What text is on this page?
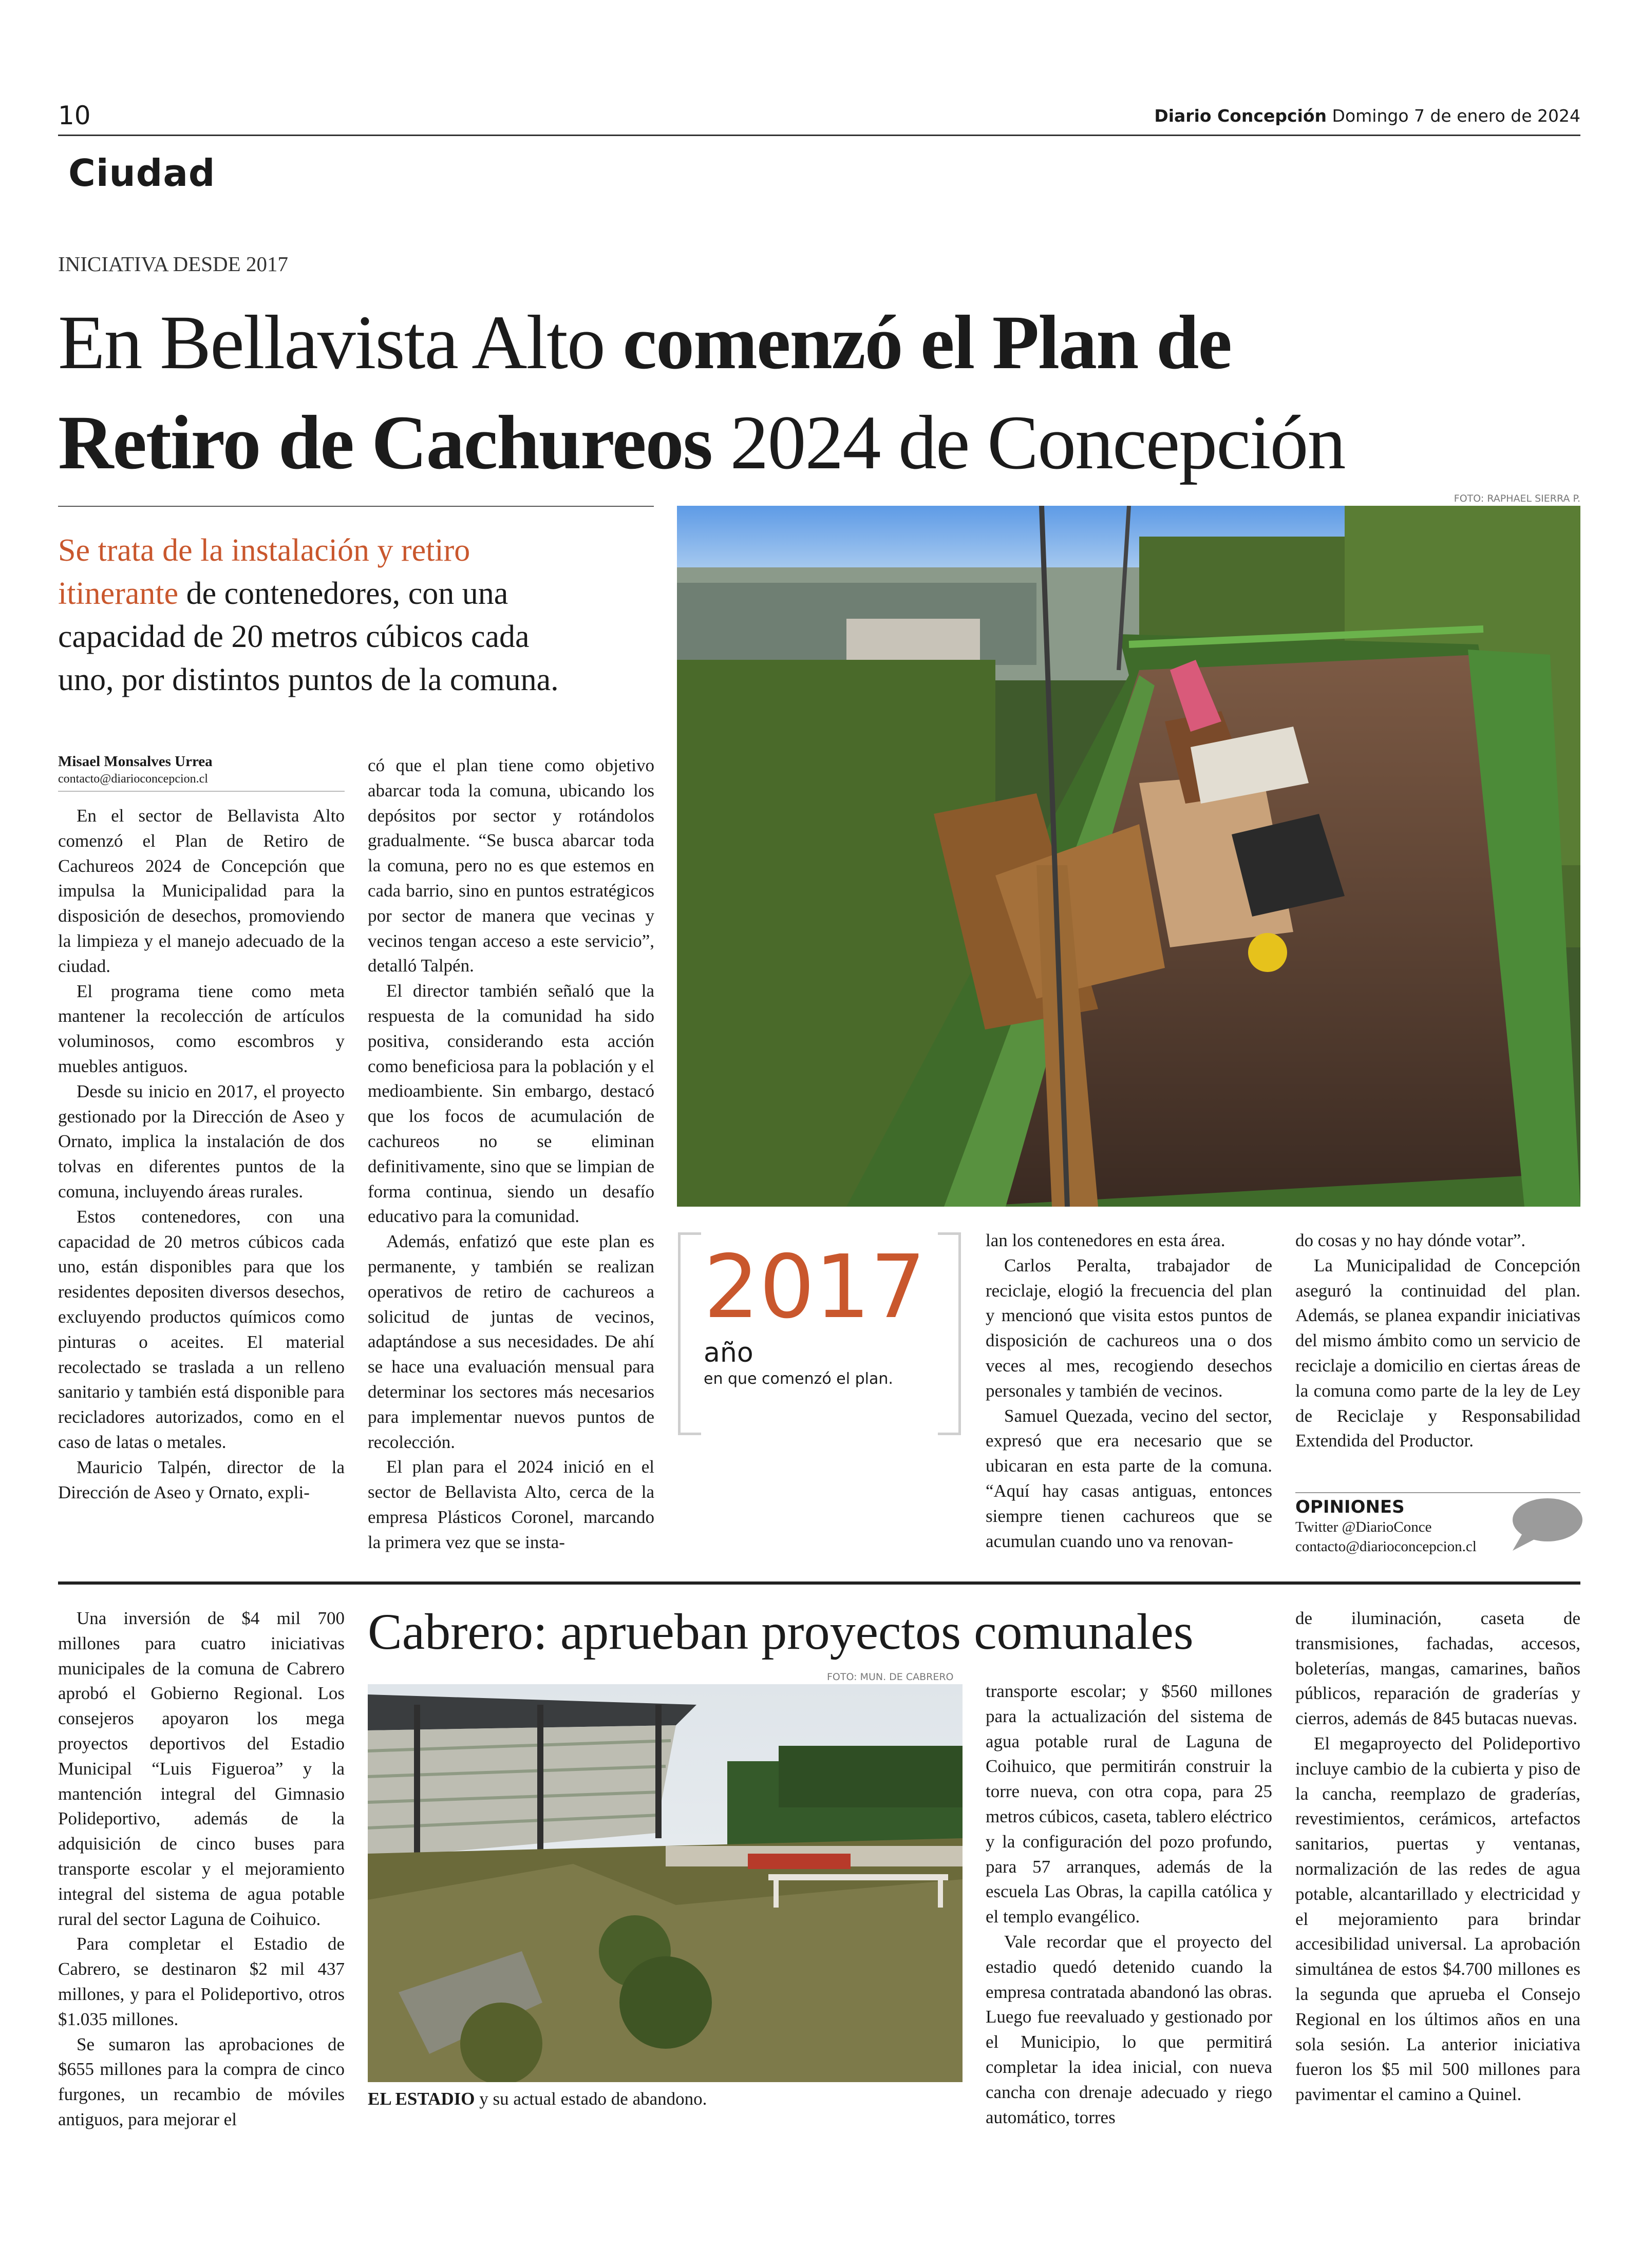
10	Diario Concepción Domingo 7 de enero de 2024
Ciudad
INICIATIVA DESDE 2017
En Bellavista Alto comenzó el Plan de
Retiro de Cachureos 2024 de Concepción
Se trata de la instalación y retiro
itinerante de contenedores, con una
capacidad de 20 metros cúbicos cada
uno, por distintos puntos de la comuna.
FOTO: RAPHAEL SIERRA P.
Misael Monsalves Urrea
contacto@diarioconcepcion.cl

En el sector de Bellavista Alto comenzó el Plan de Retiro de Cachureos 2024 de Concepción que impulsa la Municipalidad para la disposición de desechos, promoviendo la limpieza y el manejo adecuado de la ciudad.

El programa tiene como meta mantener la recolección de artículos voluminosos, como escombros y muebles antiguos.

Desde su inicio en 2017, el proyecto gestionado por la Dirección de Aseo y Ornato, implica la instalación de dos tolvas en diferentes puntos de la comuna, incluyendo áreas rurales.

Estos contenedores, con una capacidad de 20 metros cúbicos cada uno, están disponibles para que los residentes depositen diversos desechos, excluyendo productos químicos como pinturas o aceites. El material recolectado se traslada a un relleno sanitario y también está disponible para recicladores autorizados, como en el caso de latas o metales.

Mauricio Talpén, director de la Dirección de Aseo y Ornato, expli-

có que el plan tiene como objetivo abarcar toda la comuna, ubicando los depósitos por sector y rotándolos gradualmente. “Se busca abarcar toda la comuna, pero no es que estemos en cada barrio, sino en puntos estratégicos por sector de manera que vecinas y vecinos tengan acceso a este servicio”, detalló Talpén.

El director también señaló que la respuesta de la comunidad ha sido positiva, considerando esta acción como beneficiosa para la población y el medioambiente. Sin embargo, destacó que los focos de acumulación de cachureos no se eliminan definitivamente, sino que se limpian de forma continua, siendo un desafío educativo para la comunidad.

Además, enfatizó que este plan es permanente, y también se realizan operativos de retiro de cachureos a solicitud de juntas de vecinos, adaptándose a sus necesidades. De ahí se hace una evaluación mensual para determinar los sectores más necesarios para implementar nuevos puntos de recolección.

El plan para el 2024 inició en el sector de Bellavista Alto, cerca de la empresa Plásticos Coronel, marcando la primera vez que se insta-

2017
año
en que comenzó el plan.

lan los contenedores en esta área.

Carlos Peralta, trabajador de reciclaje, elogió la frecuencia del plan y mencionó que visita estos puntos de disposición de cachureos una o dos veces al mes, recogiendo desechos personales y también de vecinos.

Samuel Quezada, vecino del sector, expresó que era necesario que se ubicaran en esta parte de la comuna. “Aquí hay casas antiguas, entonces siempre tienen cachureos que se acumulan cuando uno va renovan-

do cosas y no hay dónde votar”.

La Municipalidad de Concepción aseguró la continuidad del plan. Además, se planea expandir iniciativas del mismo ámbito como un servicio de reciclaje a domicilio en ciertas áreas de la comuna como parte de la ley de Ley de Reciclaje y Responsabilidad Extendida del Productor.

OPINIONES
Twitter @DiarioConce
contacto@diarioconcepcion.cl

Una inversión de $4 mil 700 millones para cuatro iniciativas municipales de la comuna de Cabrero aprobó el Gobierno Regional. Los consejeros apoyaron los mega proyectos deportivos del Estadio Municipal “Luis Figueroa” y la mantención integral del Gimnasio Polideportivo, además de la adquisición de cinco buses para transporte escolar y el mejoramiento integral del sistema de agua potable rural del sector Laguna de Coihuico.

Para completar el Estadio de Cabrero, se destinaron $2 mil 437 millones, y para el Polideportivo, otros $1.035 millones.

Se sumaron las aprobaciones de $655 millones para la compra de cinco furgones, un recambio de móviles antiguos, para mejorar el

Cabrero: aprueban proyectos comunales
FOTO: MUN. DE CABRERO
EL ESTADIO y su actual estado de abandono.

transporte escolar; y $560 millones para la actualización del sistema de agua potable rural de Laguna de Coihuico, que permitirán construir la torre nueva, con otra copa, para 25 metros cúbicos, caseta, tablero eléctrico y la configuración del pozo profundo, para 57 arranques, además de la escuela Las Obras, la capilla católica y el templo evangélico.

Vale recordar que el proyecto del estadio quedó detenido cuando la empresa contratada abandonó las obras. Luego fue reevaluado y gestionado por el Municipio, lo que permitirá completar la idea inicial, con nueva cancha con drenaje adecuado y riego automático, torres

de iluminación, caseta de transmisiones, fachadas, accesos, boleterías, mangas, camarines, baños públicos, reparación de graderías y cierros, además de 845 butacas nuevas.

El megaproyecto del Polideportivo incluye cambio de la cubierta y piso de la cancha, reemplazo de graderías, revestimientos, cerámicos, artefactos sanitarios, puertas y ventanas, normalización de las redes de agua potable, alcantarillado y electricidad y el mejoramiento para brindar accesibilidad universal. La aprobación simultánea de estos $4.700 millones es la segunda que aprueba el Consejo Regional en los últimos años en una sola sesión. La anterior iniciativa fueron los $5 mil 500 millones para pavimentar el camino a Quinel.
